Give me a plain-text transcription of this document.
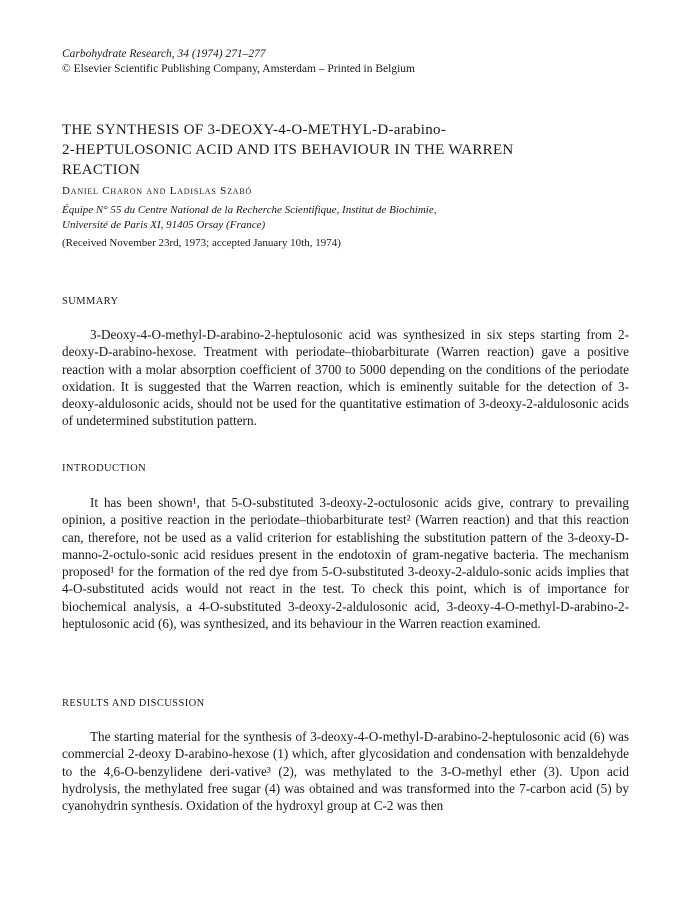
Carbohydrate Research, 34 (1974) 271–277
© Elsevier Scientific Publishing Company, Amsterdam – Printed in Belgium
THE SYNTHESIS OF 3-DEOXY-4-O-METHYL-D-arabino-
2-HEPTULOSONIC ACID AND ITS BEHAVIOUR IN THE WARREN
REACTION
Daniel Charon and Ladislas Szabó
Équipe N° 55 du Centre National de la Recherche Scientifique, Institut de Biochimie,
Université de Paris XI, 91405 Orsay (France)
(Received November 23rd, 1973; accepted January 10th, 1974)
SUMMARY

3-Deoxy-4-O-methyl-D-arabino-2-heptulosonic acid was synthesized in six steps starting from 2-deoxy-D-arabino-hexose. Treatment with periodate–thiobarbiturate (Warren reaction) gave a positive reaction with a molar absorption coefficient of 3700 to 5000 depending on the conditions of the periodate oxidation. It is suggested that the Warren reaction, which is eminently suitable for the detection of 3-deoxy-aldulosonic acids, should not be used for the quantitative estimation of 3-deoxy-2-aldulosonic acids of undetermined substitution pattern.

INTRODUCTION

It has been shown¹, that 5-O-substituted 3-deoxy-2-octulosonic acids give, contrary to prevailing opinion, a positive reaction in the periodate–thiobarbiturate test² (Warren reaction) and that this reaction can, therefore, not be used as a valid criterion for establishing the substitution pattern of the 3-deoxy-D-manno-2-octulo-sonic acid residues present in the endotoxin of gram-negative bacteria. The mechanism proposed¹ for the formation of the red dye from 5-O-substituted 3-deoxy-2-aldulo-sonic acids implies that 4-O-substituted acids would not react in the test. To check this point, which is of importance for biochemical analysis, a 4-O-substituted 3-deoxy-2-aldulosonic acid, 3-deoxy-4-O-methyl-D-arabino-2-heptulosonic acid (6), was synthesized, and its behaviour in the Warren reaction examined.

RESULTS AND DISCUSSION

The starting material for the synthesis of 3-deoxy-4-O-methyl-D-arabino-2-heptulosonic acid (6) was commercial 2-deoxy D-arabino-hexose (1) which, after glycosidation and condensation with benzaldehyde to the 4,6-O-benzylidene deri-vative³ (2), was methylated to the 3-O-methyl ether (3). Upon acid hydrolysis, the methylated free sugar (4) was obtained and was transformed into the 7-carbon acid (5) by cyanohydrin synthesis. Oxidation of the hydroxyl group at C-2 was then
